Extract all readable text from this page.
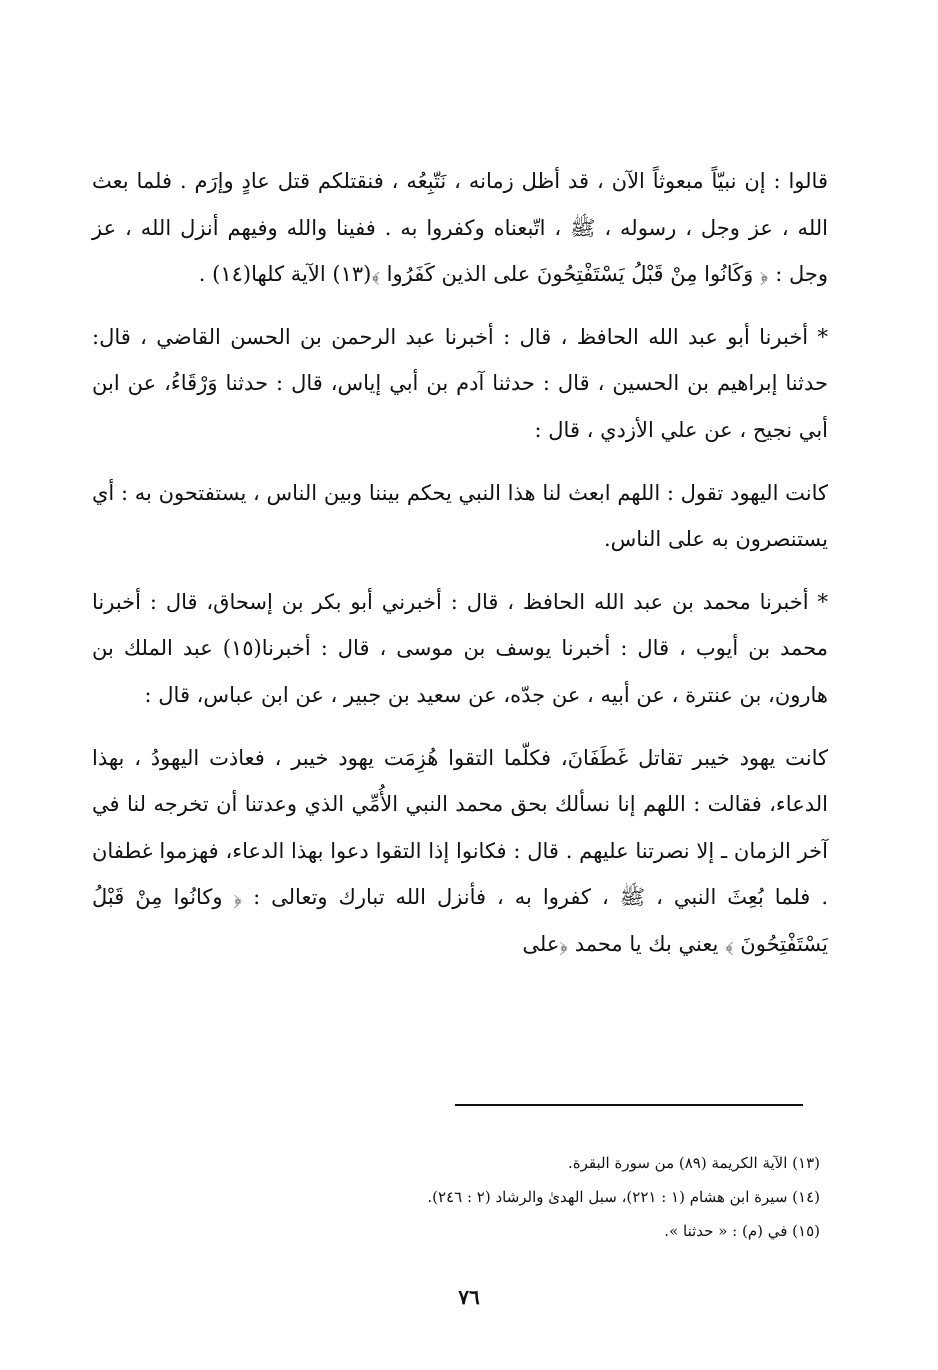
قالوا : إن نبيّاً مبعوثاً الآن ، قد أظل زمانه ، نَتّبِعُه ، فنقتلكم قتل عادٍ وإرَم . فلما بعث الله ، عز وجل ، رسوله ، ﷺ ، اتّبعناه وكفروا به . ففينا والله وفيهم أنزل الله ، عز وجل : ﴿ وَكَانُوا مِنْ قَبْلُ يَسْتَفْتِحُونَ على الذين كَفَرُوا ﴾(١٣) الآية كلها(١٤) .

* أخبرنا أبو عبد الله الحافظ ، قال : أخبرنا عبد الرحمن بن الحسن القاضي ، قال: حدثنا إبراهيم بن الحسين ، قال : حدثنا آدم بن أبي إياس، قال : حدثنا وَرْقَاءُ، عن ابن أبي نجيح ، عن علي الأزدي ، قال :

كانت اليهود تقول : اللهم ابعث لنا هذا النبي يحكم بيننا وبين الناس ، يستفتحون به : أي يستنصرون به على الناس.

* أخبرنا محمد بن عبد الله الحافظ ، قال : أخبرني أبو بكر بن إسحاق، قال : أخبرنا محمد بن أيوب ، قال : أخبرنا يوسف بن موسى ، قال : أخبرنا(١٥) عبد الملك بن هارون، بن عنترة ، عن أبيه ، عن جدّه، عن سعيد بن جبير ، عن ابن عباس، قال :

كانت يهود خيبر تقاتل غَطَفَانَ، فكلّما التقوا هُزِمَت يهود خيبر ، فعاذت اليهودُ ، بهذا الدعاء، فقالت : اللهم إنا نسألك بحق محمد النبي الأُمِّي الذي وعدتنا أن تخرجه لنا في آخر الزمان ـ إلا نصرتنا عليهم . قال : فكانوا إذا التقوا دعوا بهذا الدعاء، فهزموا غطفان . فلما بُعِثَ النبي ، ﷺ ، كفروا به ، فأنزل الله تبارك وتعالى : ﴿ وكانُوا مِنْ قَبْلُ يَسْتَفْتِحُونَ ﴾ يعني بك يا محمد ﴿على

(١٣) الآية الكريمة (٨٩) من سورة البقرة.

(١٤) سيرة ابن هشام (١ : ٢٢١)، سبل الهدىٰ والرشاد (٢ : ٢٤٦).

(١٥) في (م) : « حدثنا ».

٧٦
